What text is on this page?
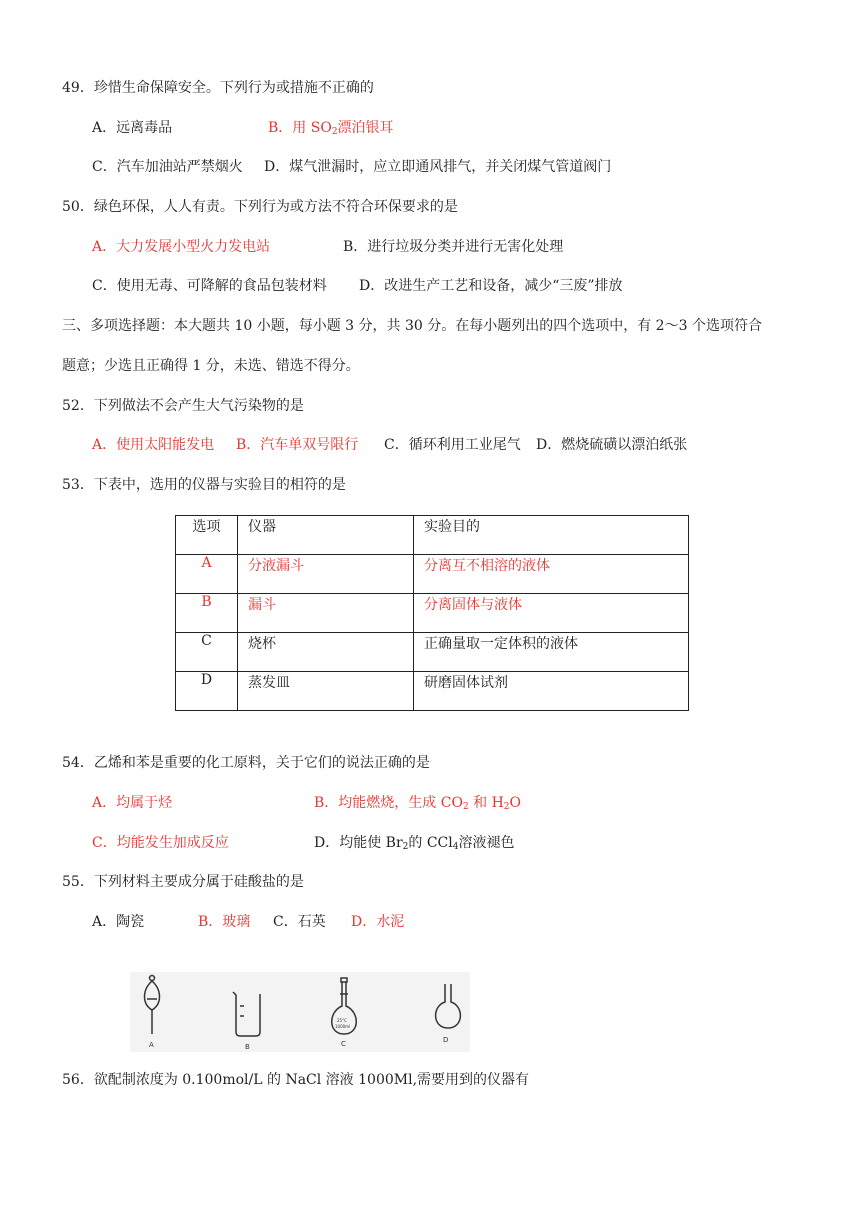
49．珍惜生命保障安全。下列行为或措施不正确的
A．远离毒品	B．用 $SO_2$漂泊银耳
C．汽车加油站严禁烟火 D．煤气泄漏时，应立即通风排气，并关闭煤气管道阀门
50．绿色环保，人人有责。下列行为或方法不符合环保要求的是
A．大力发展小型火力发电站	B．进行垃圾分类并进行无害化处理
C．使用无毒、可降解的食品包装材料 D．改进生产工艺和设备，减少“三废”排放
三、多项选择题：本大题共 10 小题，每小题 3 分，共 30 分。在每小题列出的四个选项中，有 2～3 个选项符合
题意；少选且正确得 1 分，未选、错选不得分。
52．下列做法不会产生大气污染物的是
A．使用太阳能发电 B．汽车单双号限行 C．循环利用工业尾气 D．燃烧硫磺以漂泊纸张
53．下表中，选用的仪器与实验目的相符的是
选项	仪器	实验目的
A	分液漏斗	分离互不相溶的液体
B	漏斗	分离固体与液体
C	烧杯	正确量取一定体积的液体
D	蒸发皿	研磨固体试剂
54．乙烯和苯是重要的化工原料，关于它们的说法正确的是
A．均属于烃	B．均能燃烧，生成 $CO_2$ 和 $H_2O$
C．均能发生加成反应	D．均能使 $Br_2$的 CCl$_4$溶液褪色
55．下列材料主要成分属于硅酸盐的是
A．陶瓷	B．玻璃 C．石英 D．水泥
A	B
25°C
1000ml
C	D
56．欲配制浓度为 0.100mol/L 的 NaCl 溶液 1000Ml,需要用到的仪器有
